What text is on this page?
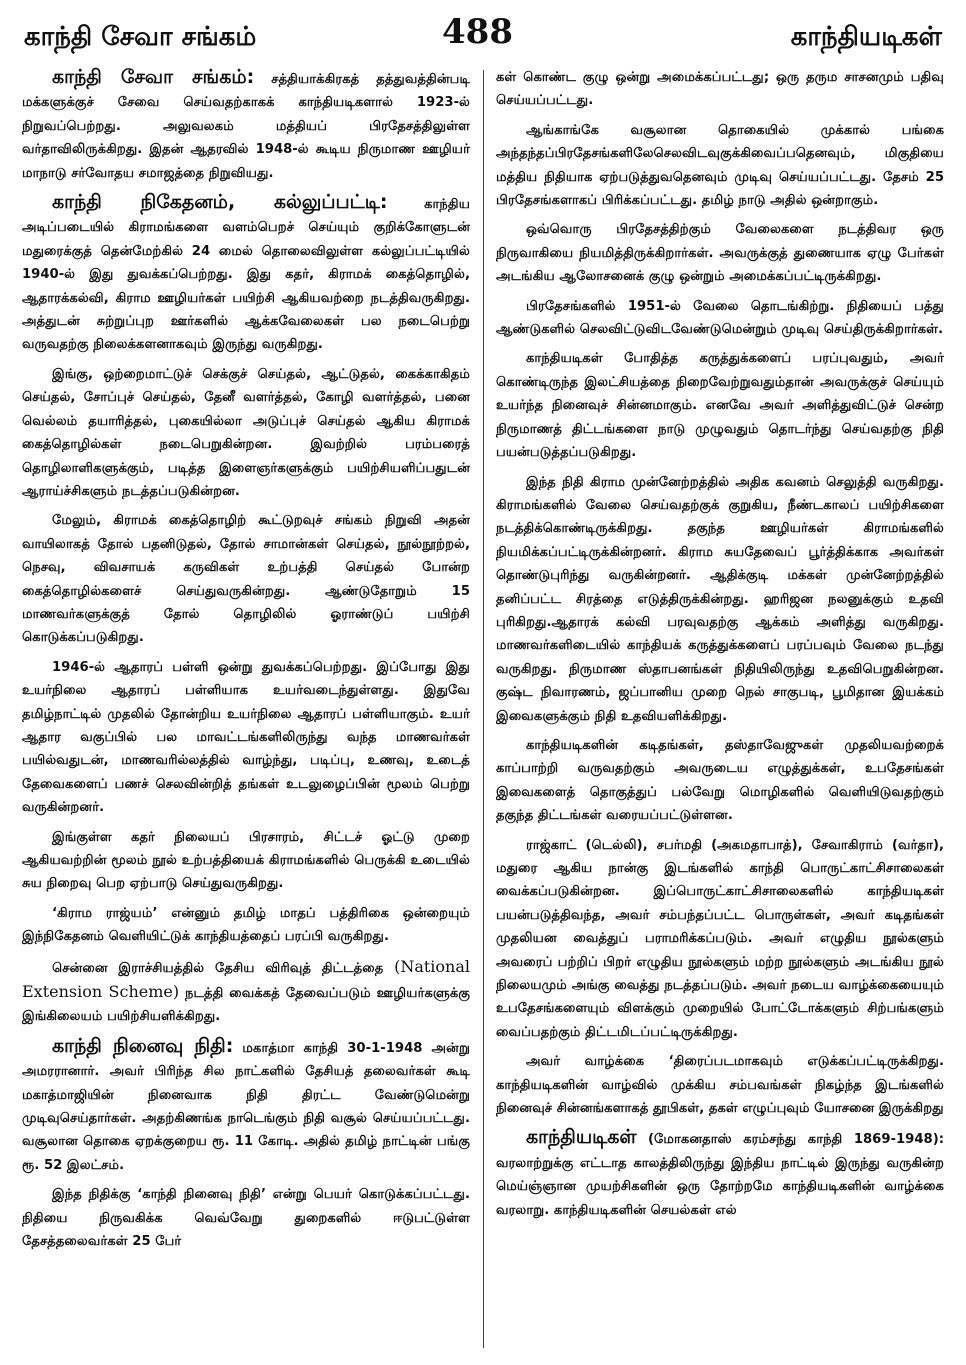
காந்தி சேவா சங்கம்	488	காந்தியடிகள்

காந்தி சேவா சங்கம்: சத்தியாக்கிரகத் தத்துவத்தின்படி மக்களுக்குச் சேவை செய்வதற்காகக் காந்தியடிகளால் 1923-ல் நிறுவப்பெற்றது. அலுவலகம் மத்தியப் பிரதேசத்திலுள்ள வர்தாவிலிருக்கிறது. இதன் ஆதரவில் 1948-ல் கூடிய நிருமாண ஊழியர் மாநாடு சர்வோதய சமாஜத்தை நிறுவியது.

காந்தி நிகேதனம், கல்லுப்பட்டி: காந்திய அடிப்படையில் கிராமங்களை வளம்பெறச் செய்யும் குறிக்கோளுடன் மதுரைக்குத் தென்மேற்கில் 24 மைல் தொலைவிலுள்ள கல்லுப்பட்டியில் 1940-ல் இது துவக்கப்பெற்றது. இது கதர், கிராமக் கைத்தொழில், ஆதாரக்கல்வி, கிராம ஊழியர்கள் பயிற்சி ஆகியவற்றை நடத்திவருகிறது. அத்துடன் சுற்றுப்புற ஊர்களில் ஆக்கவேலைகள் பல நடைபெற்று வருவதற்கு நிலைக்களனாகவும் இருந்து வருகிறது.

இங்கு, ஒற்றைமாட்டுச் செக்குச் செய்தல், ஆட்டுதல், கைக்காகிதம் செய்தல், சோப்புச் செய்தல், தேனீ வளர்த்தல், கோழி வளர்த்தல், பனை வெல்லம் தயாரித்தல், புகையில்லா அடுப்புச் செய்தல் ஆகிய கிராமக் கைத்தொழில்கள் நடைபெறுகின்றன. இவற்றில் பரம்பரைத் தொழிலாளிகளுக்கும், படித்த இளைஞர்களுக்கும் பயிற்சியளிப்பதுடன் ஆராய்ச்சிகளும் நடத்தப்படுகின்றன.

மேலும், கிராமக் கைத்தொழிற் கூட்டுறவுச் சங்கம் நிறுவி அதன் வாயிலாகத் தோல் பதனிடுதல், தோல் சாமான்கள் செய்தல், நூல்நூற்றல், நெசவு, விவசாயக் கருவிகள் உற்பத்தி செய்தல் போன்ற கைத்தொழில்களைச் செய்துவருகின்றது. ஆண்டுதோறும் 15 மாணவர்களுக்குத் தோல் தொழிலில் ஓராண்டுப் பயிற்சி கொடுக்கப்படுகிறது.

1946-ல் ஆதாரப் பள்ளி ஒன்று துவக்கப்பெற்றது. இப்போது இது உயர்நிலை ஆதாரப் பள்ளியாக உயர்வடைந்துள்ளது. இதுவே தமிழ்நாட்டில் முதலில் தோன்றிய உயர்நிலை ஆதாரப் பள்ளியாகும். உயர் ஆதார வகுப்பில் பல மாவட்டங்களிலிருந்து வந்த மாணவர்கள் பயில்வதுடன், மாணவரில்லத்தில் வாழ்ந்து, படிப்பு, உணவு, உடைத் தேவைகளைப் பணச் செலவின்றித் தங்கள் உடலுழைப்பின் மூலம் பெற்று வருகின்றனர்.

இங்குள்ள கதர் நிலையப் பிரசாரம், சிட்டச் ஓட்டு முறை ஆகியவற்றின் மூலம் நூல் உற்பத்தியைக் கிராமங்களில் பெருக்கி உடையில் சுய நிறைவு பெற ஏற்பாடு செய்துவருகிறது.

‘கிராம ராஜ்யம்’ என்னும் தமிழ் மாதப் பத்திரிகை ஒன்றையும் இந்நிகேதனம் வெளியிட்டுக் காந்தியத்தைப் பரப்பி வருகிறது.

சென்னை இராச்சியத்தில் தேசிய விரிவுத் திட்டத்தை (National Extension Scheme) நடத்தி வைக்கத் தேவைப்படும் ஊழியர்களுக்கு இங்கிலையம் பயிற்சியளிக்கிறது.

காந்தி நினைவு நிதி: மகாத்மா காந்தி 30-1-1948 அன்று அமரரானார். அவர் பிரிந்த சில நாட்களில் தேசியத் தலைவர்கள் கூடி மகாத்மாஜியின் நினைவாக நிதி திரட்ட வேண்டுமென்று முடிவுசெய்தார்கள். அதற்கிணங்க நாடெங்கும் நிதி வசூல் செய்யப்பட்டது. வசூலான தொகை ஏறக்குறைய ரூ. 11 கோடி. அதில் தமிழ் நாட்டின் பங்கு ரூ. 52 இலட்சம்.

இந்த நிதிக்கு ‘காந்தி நினைவு நிதி’ என்று பெயர் கொடுக்கப்பட்டது. நிதியை நிருவகிக்க வெவ்வேறு துறைகளில் ஈடுபட்டுள்ள தேசத்தலைவர்கள் 25 பேர்

கள் கொண்ட குழு ஒன்று அமைக்கப்பட்டது; ஒரு தரும சாசனமும் பதிவு செய்யப்பட்டது.

ஆங்காங்கே வசூலான தொகையில் முக்கால் பங்கை அந்தந்தப்பிரதேசங்களிலேசெலவிடவுகுக்கிவைப்பதெனவும், மிகுதியை மத்திய நிதியாக ஏற்படுத்துவதெனவும் முடிவு செய்யப்பட்டது. தேசம் 25 பிரதேசங்களாகப் பிரிக்கப்பட்டது. தமிழ் நாடு அதில் ஒன்றாகும்.

ஒவ்வொரு பிரதேசத்திற்கும் வேலைகளை நடத்திவர ஒரு நிருவாகியை நியமித்திருக்கிறார்கள். அவருக்குத் துணையாக ஏழு பேர்கள் அடங்கிய ஆலோசனைக் குழு ஒன்றும் அமைக்கப்பட்டிருக்கிறது.

பிரதேசங்களில் 1951-ல் வேலை தொடங்கிற்று. நிதியைப் பத்து ஆண்டுகளில் செலவிட்டுவிடவேண்டுமென்றும் முடிவு செய்திருக்கிறார்கள்.

காந்தியடிகள் போதித்த கருத்துக்களைப் பரப்புவதும், அவர் கொண்டிருந்த இலட்சியத்தை நிறைவேற்றுவதும்தான் அவருக்குச் செய்யும் உயர்ந்த நினைவுச் சின்னமாகும். எனவே அவர் அளித்துவிட்டுச் சென்ற நிருமாணத் திட்டங்களை நாடு முழுவதும் தொடர்ந்து செய்வதற்கு நிதி பயன்படுத்தப்படுகிறது.

இந்த நிதி கிராம முன்னேற்றத்தில் அதிக கவனம் செலுத்தி வருகிறது. கிராமங்களில் வேலை செய்வதற்குக் குறுகிய, நீண்டகாலப் பயிற்சிகளை நடத்திக்கொண்டிருக்கிறது. தகுந்த ஊழியர்கள் கிராமங்களில் நியமிக்கப்பட்டிருக்கின்றனர். கிராம சுயதேவைப் பூர்த்திக்காக அவர்கள் தொண்டுபுரிந்து வருகின்றனர். ஆதிக்குடி மக்கள் முன்னேற்றத்தில் தனிப்பட்ட சிரத்தை எடுத்திருக்கின்றது. ஹரிஜன நலனுக்கும் உதவி புரிகிறது.ஆதாரக் கல்வி பரவுவதற்கு ஆக்கம் அளித்து வருகிறது. மாணவர்களிடையில் காந்தியக் கருத்துக்களைப் பரப்பவும் வேலை நடந்து வருகிறது. நிருமாண ஸ்தாபனங்கள் நிதியிலிருந்து உதவிபெறுகின்றன. குஷ்ட நிவாரணம், ஜப்பானிய முறை நெல் சாகுபடி, பூமிதான இயக்கம் இவைகளுக்கும் நிதி உதவியளிக்கிறது.

காந்தியடிகளின் கடிதங்கள், தஸ்தாவேஜுகள் முதலியவற்றைக் காப்பாற்றி வருவதற்கும் அவருடைய எழுத்துக்கள், உபதேசங்கள் இவைகளைத் தொகுத்துப் பல்வேறு மொழிகளில் வெளியிடுவதற்கும் தகுந்த திட்டங்கள் வரையப்பட்டுள்ளன.

ராஜ்காட் (டெல்லி), சபர்மதி (அகமதாபாத்), சேவாகிராம் (வர்தா), மதுரை ஆகிய நான்கு இடங்களில் காந்தி பொருட்காட்சிசாலைகள் வைக்கப்படுகின்றன. இப்பொருட்காட்சிசாலைகளில் காந்தியடிகள் பயன்படுத்திவந்த, அவர் சம்பந்தப்பட்ட பொருள்கள், அவர் கடிதங்கள் முதலியன வைத்துப் பராமரிக்கப்படும். அவர் எழுதிய நூல்களும் அவரைப் பற்றிப் பிறர் எழுதிய நூல்களும் மற்ற நூல்களும் அடங்கிய நூல் நிலையமும் அங்கு வைத்து நடத்தப்படும். அவர் நடைய வாழ்க்கையையும் உபதேசங்களையும் விளக்கும் முறையில் போட்டோக்களும் சிற்பங்களும் வைப்பதற்கும் திட்டமிடப்பட்டிருக்கிறது.

அவர் வாழ்க்கை ‘திரைப்படமாகவும் எடுக்கப்பட்டிருக்கிறது. காந்தியடிகளின் வாழ்வில் முக்கிய சம்பவங்கள் நிகழ்ந்த இடங்களில் நினைவுச் சின்னங்களாகத் தூபிகள், தகள் எழுப்புவும் யோசனை இருக்கிறது

காந்தியடிகள் (மோகனதாஸ் கரம்சந்து காந்தி 1869-1948): வரலாற்றுக்கு எட்டாத காலத்திலிருந்து இந்திய நாட்டில் இருந்து வருகின்ற மெய்ஞ்ஞான முயற்சிகளின் ஒரு தோற்றமே காந்தியடிகளின் வாழ்க்கை வரலாறு. காந்தியடிகளின் செயல்கள் எல்
